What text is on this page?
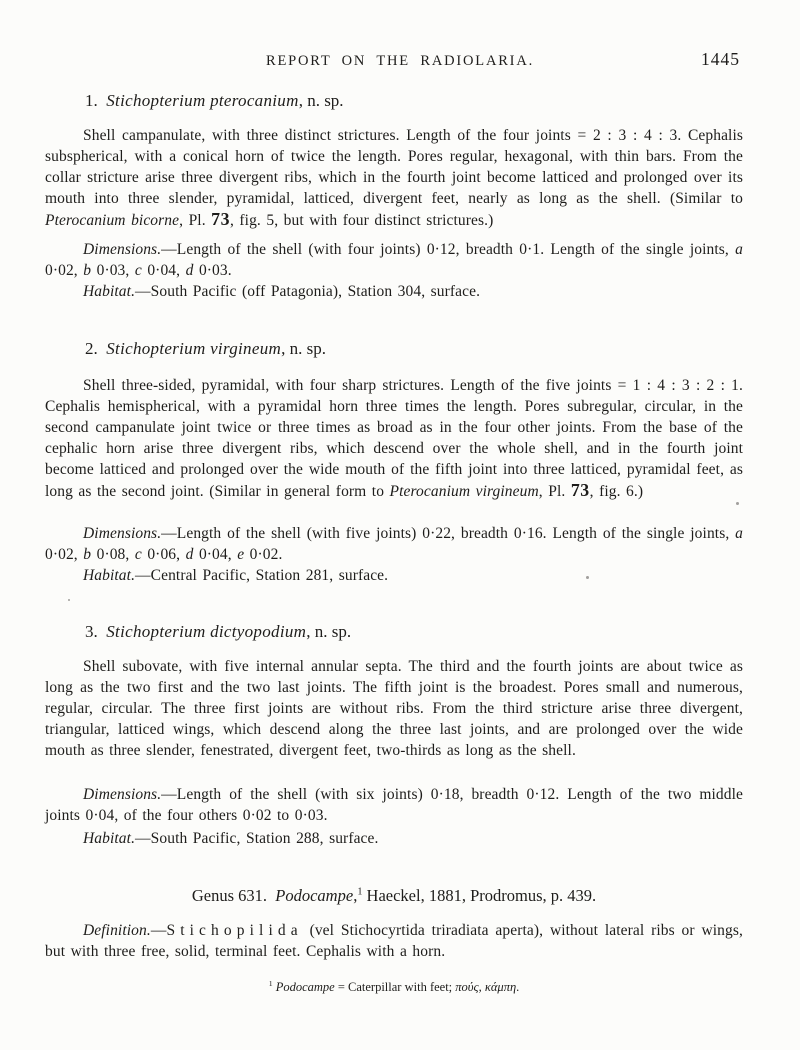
REPORT ON THE RADIOLARIA.	1445
1. Stichopterium pterocanium, n. sp.
Shell campanulate, with three distinct strictures. Length of the four joints = 2 : 3 : 4 : 3. Cephalis subspherical, with a conical horn of twice the length. Pores regular, hexagonal, with thin bars. From the collar stricture arise three divergent ribs, which in the fourth joint become latticed and prolonged over its mouth into three slender, pyramidal, latticed, divergent feet, nearly as long as the shell. (Similar to Pterocanium bicorne, Pl. 73, fig. 5, but with four distinct strictures.)
Dimensions.—Length of the shell (with four joints) 0·12, breadth 0·1. Length of the single joints, a 0·02, b 0·03, c 0·04, d 0·03.
Habitat.—South Pacific (off Patagonia), Station 304, surface.
2. Stichopterium virgineum, n. sp.
Shell three-sided, pyramidal, with four sharp strictures. Length of the five joints = 1 : 4 : 3 : 2 : 1. Cephalis hemispherical, with a pyramidal horn three times the length. Pores subregular, circular, in the second campanulate joint twice or three times as broad as in the four other joints. From the base of the cephalic horn arise three divergent ribs, which descend over the whole shell, and in the fourth joint become latticed and prolonged over the wide mouth of the fifth joint into three latticed, pyramidal feet, as long as the second joint. (Similar in general form to Pterocanium virgineum, Pl. 73, fig. 6.)
Dimensions.—Length of the shell (with five joints) 0·22, breadth 0·16. Length of the single joints, a 0·02, b 0·08, c 0·06, d 0·04, e 0·02.
Habitat.—Central Pacific, Station 281, surface.
3. Stichopterium dictyopodium, n. sp.
Shell subovate, with five internal annular septa. The third and the fourth joints are about twice as long as the two first and the two last joints. The fifth joint is the broadest. Pores small and numerous, regular, circular. The three first joints are without ribs. From the third stricture arise three divergent, triangular, latticed wings, which descend along the three last joints, and are prolonged over the wide mouth as three slender, fenestrated, divergent feet, two-thirds as long as the shell.
Dimensions.—Length of the shell (with six joints) 0·18, breadth 0·12. Length of the two middle joints 0·04, of the four others 0·02 to 0·03.
Habitat.—South Pacific, Station 288, surface.
Genus 631. Podocampe,$^1$ Haeckel, 1881, Prodromus, p. 439.
Definition.—Stichopilida (vel Stichocyrtida triradiata aperta), without lateral ribs or wings, but with three free, solid, terminal feet. Cephalis with a horn.
$^1$ Podocampe = Caterpillar with feet; πούς, κάμπη.
